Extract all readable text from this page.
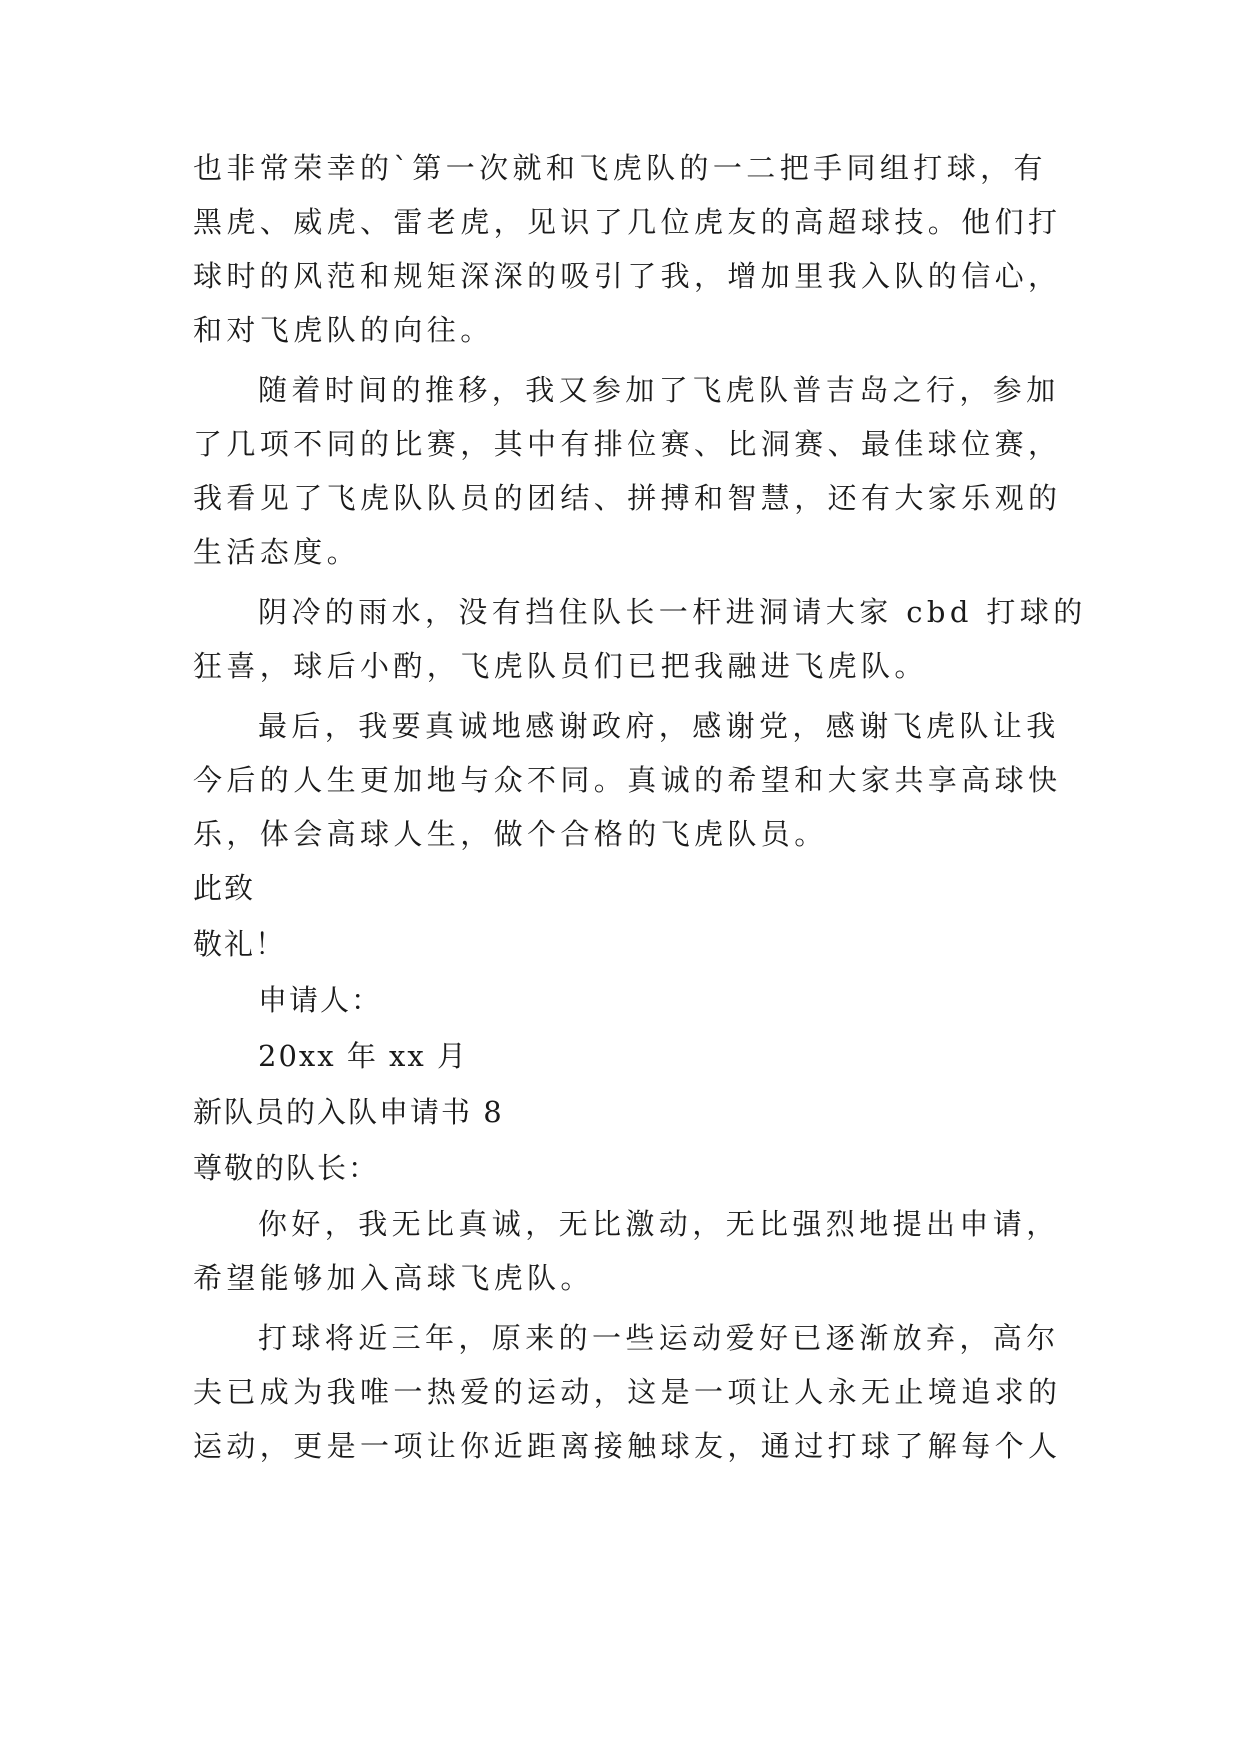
也非常荣幸的`第一次就和飞虎队的一二把手同组打球，有
黑虎、威虎、雷老虎，见识了几位虎友的高超球技。他们打
球时的风范和规矩深深的吸引了我，增加里我入队的信心，
和对飞虎队的向往。
随着时间的推移，我又参加了飞虎队普吉岛之行，参加
了几项不同的比赛，其中有排位赛、比洞赛、最佳球位赛，
我看见了飞虎队队员的团结、拼搏和智慧，还有大家乐观的
生活态度。
阴冷的雨水，没有挡住队长一杆进洞请大家 cbd 打球的
狂喜，球后小酌，飞虎队员们已把我融进飞虎队。
最后，我要真诚地感谢政府，感谢党，感谢飞虎队让我
今后的人生更加地与众不同。真诚的希望和大家共享高球快
乐，体会高球人生，做个合格的飞虎队员。
此致
敬礼！
申请人：
20xx 年 xx 月
新队员的入队申请书 8
尊敬的队长：
你好，我无比真诚，无比激动，无比强烈地提出申请，
希望能够加入高球飞虎队。
打球将近三年，原来的一些运动爱好已逐渐放弃，高尔
夫已成为我唯一热爱的运动，这是一项让人永无止境追求的
运动，更是一项让你近距离接触球友，通过打球了解每个人
